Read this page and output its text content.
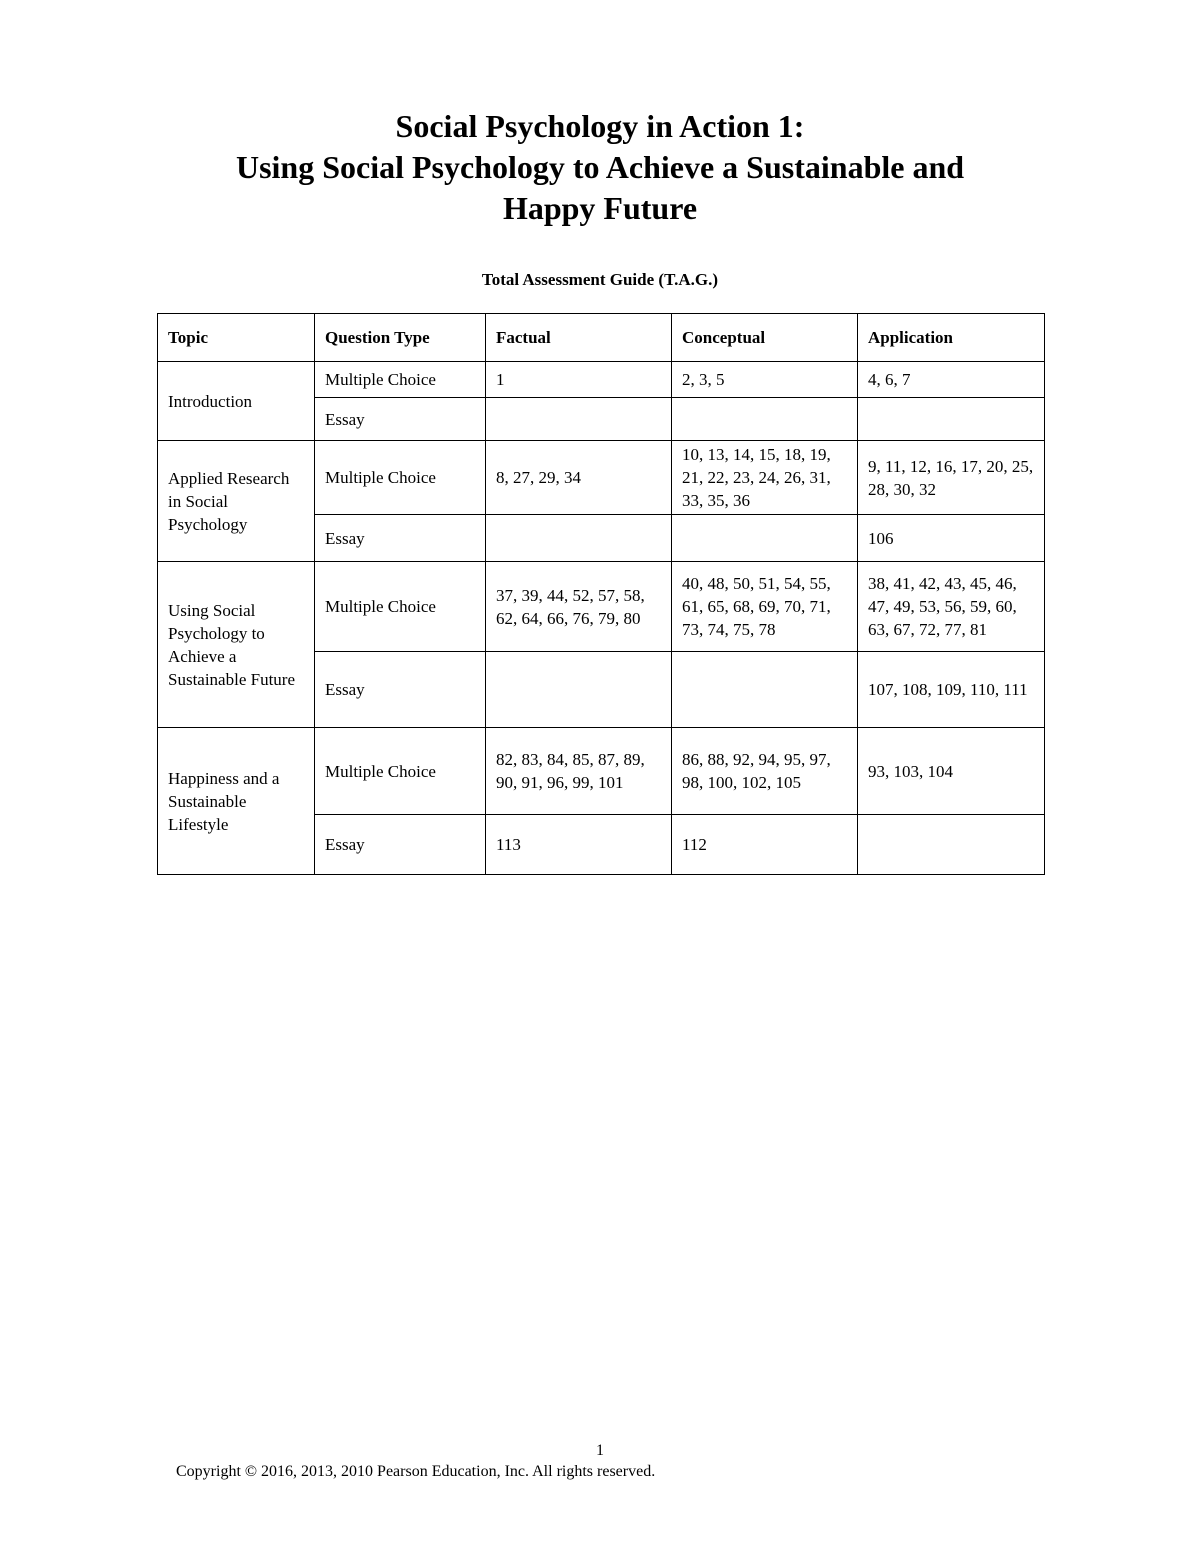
Social Psychology in Action 1:
Using Social Psychology to Achieve a Sustainable and
Happy Future
Total Assessment Guide (T.A.G.)
Topic	Question Type	Factual	Conceptual	Application
Introduction	Multiple Choice	1	2, 3, 5	4, 6, 7
	Essay			
Applied Research in Social Psychology	Multiple Choice	8, 27, 29, 34	10, 13, 14, 15, 18, 19, 21, 22, 23, 24, 26, 31, 33, 35, 36	9, 11, 12, 16, 17, 20, 25, 28, 30, 32
	Essay			106
Using Social Psychology to Achieve a Sustainable Future	Multiple Choice	37, 39, 44, 52, 57, 58, 62, 64, 66, 76, 79, 80	40, 48, 50, 51, 54, 55, 61, 65, 68, 69, 70, 71, 73, 74, 75, 78	38, 41, 42, 43, 45, 46, 47, 49, 53, 56, 59, 60, 63, 67, 72, 77, 81
	Essay			107, 108, 109, 110, 111
Happiness and a Sustainable Lifestyle	Multiple Choice	82, 83, 84, 85, 87, 89, 90, 91, 96, 99, 101	86, 88, 92, 94, 95, 97, 98, 100, 102, 105	93, 103, 104
	Essay	113	112	
1
Copyright © 2016, 2013, 2010 Pearson Education, Inc. All rights reserved.
